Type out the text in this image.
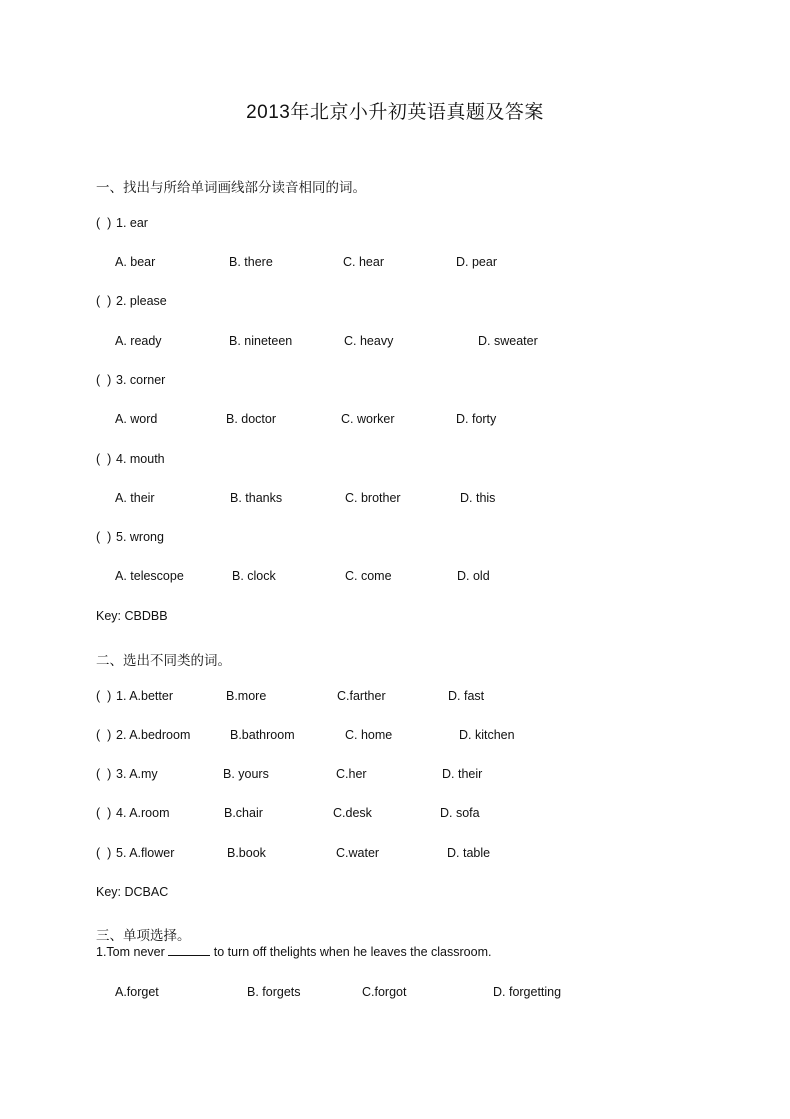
2013年北京小升初英语真题及答案
一、找出与所给单词画线部分读音相同的词。
(  ) 1. ear
A. bear	B. there	C. hear	D. pear
(  ) 2. please
A. ready	B. nineteen	C. heavy	D. sweater
(  ) 3. corner
A. word	B. doctor	C. worker	D. forty
(  ) 4. mouth
A. their	B. thanks	C. brother	D. this
(  ) 5. wrong
A. telescope	B. clock	C. come	D. old
Key: CBDBB
二、选出不同类的词。
(  ) 1. A.better	B.more	C.farther	D. fast
(  ) 2. A.bedroom	B.bathroom	C. home	D. kitchen
(  ) 3. A.my	B. yours	C.her	D. their
(  ) 4. A.room	B.chair	C.desk	D. sofa
(  ) 5. A.flower	B.book	C.water	D. table
Key: DCBAC
三、单项选择。
1.Tom never	to turn off thelights when he leaves the classroom.
A.forget	B. forgets	C.forgot	D. forgetting
